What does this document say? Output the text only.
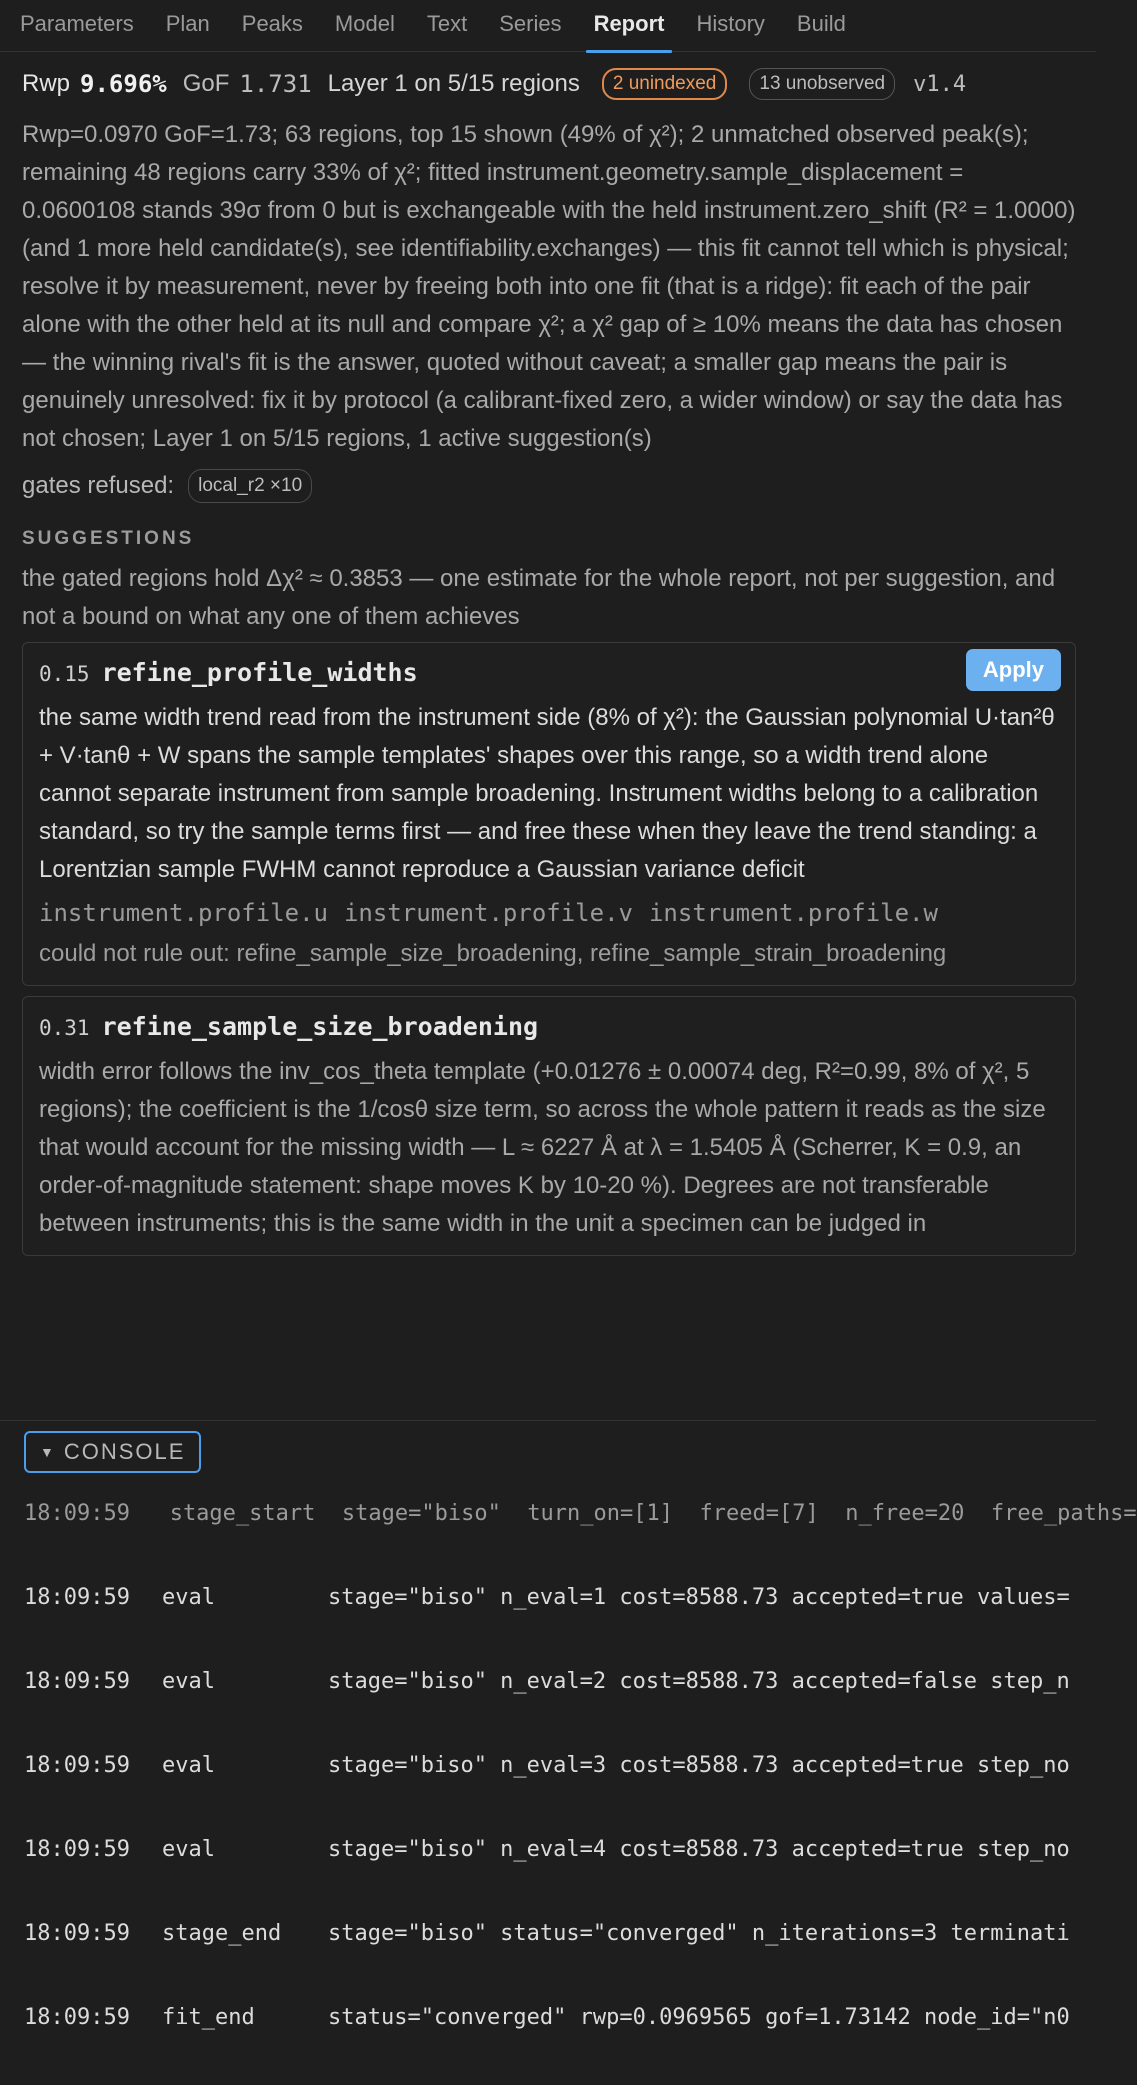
Parameters	Plan	Peaks	Model	Text	Series	Report	History	Build
Rwp 9.696% GoF 1.731 Layer 1 on 5/15 regions	2 unindexed	13 unobserved	v1.4
Rwp=0.0970 GoF=1.73; 63 regions, top 15 shown (49% of χ²); 2 unmatched observed peak(s); remaining 48 regions carry 33% of χ²; fitted instrument.geometry.sample_displacement = 0.0600108 stands 39σ from 0 but is exchangeable with the held instrument.zero_shift (R² = 1.0000) (and 1 more held candidate(s), see identifiability.exchanges) — this fit cannot tell which is physical; resolve it by measurement, never by freeing both into one fit (that is a ridge): fit each of the pair alone with the other held at its null and compare χ²; a χ² gap of ≥ 10% means the data has chosen — the winning rival's fit is the answer, quoted without caveat; a smaller gap means the pair is genuinely unresolved: fix it by protocol (a calibrant-fixed zero, a wider window) or say the data has not chosen; Layer 1 on 5/15 regions, 1 active suggestion(s)
gates refused:	local_r2 ×10
SUGGESTIONS
the gated regions hold Δχ² ≈ 0.3853 — one estimate for the whole report, not per suggestion, and not a bound on what any one of them achieves
0.15 refine_profile_widths	Apply
the same width trend read from the instrument side (8% of χ²): the Gaussian polynomial U·tan²θ + V·tanθ + W spans the sample templates' shapes over this range, so a width trend alone cannot separate instrument from sample broadening. Instrument widths belong to a calibration standard, so try the sample terms first — and free these when they leave the trend standing: a Lorentzian sample FWHM cannot reproduce a Gaussian variance deficit
instrument.profile.u instrument.profile.v instrument.profile.w
could not rule out: refine_sample_size_broadening, refine_sample_strain_broadening
0.31 refine_sample_size_broadening
width error follows the inv_cos_theta template (+0.01276 ± 0.00074 deg, R²=0.99, 8% of χ², 5 regions); the coefficient is the 1/cosθ size term, so across the whole pattern it reads as the size that would account for the missing width — L ≈ 6227 Å at λ = 1.5405 Å (Scherrer, K = 0.9, an order-of-magnitude statement: shape moves K by 10-20 %). Degrees are not transferable between instruments; this is the same width in the unit a specimen can be judged in
▼ CONSOLE

18:09:59   stage_start  stage="biso"  turn_on=[1]  freed=[7]  n_free=20  free_paths=

18:09:59 eval	stage="biso" n_eval=1 cost=8588.73 accepted=true values=

18:09:59 eval	stage="biso" n_eval=2 cost=8588.73 accepted=false step_n

18:09:59 eval	stage="biso" n_eval=3 cost=8588.73 accepted=true step_no

18:09:59 eval	stage="biso" n_eval=4 cost=8588.73 accepted=true step_no

18:09:59 stage_end stage="biso" status="converged" n_iterations=3 terminati

18:09:59 fit_end	status="converged" rwp=0.0969565 gof=1.73142 node_id="n0
